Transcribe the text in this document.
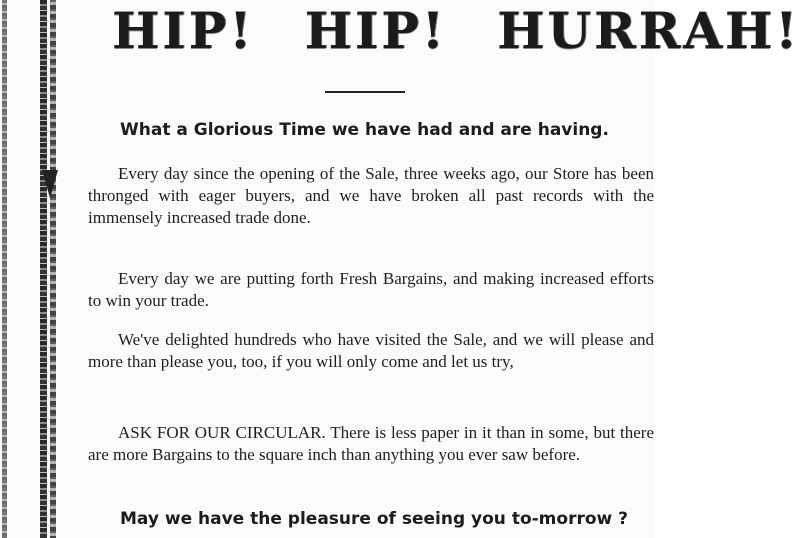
HIP! HIP! HURRAH!
What a Glorious Time we have had and are having.

Every day since the opening of the Sale, three weeks ago, our Store has been thronged with eager buyers, and we have broken all past records with the immensely increased trade done.

Every day we are putting forth Fresh Bargains, and making increased efforts to win your trade.

We've delighted hundreds who have visited the Sale, and we will please and more than please you, too, if you will only come and let us try,

ASK FOR OUR CIRCULAR. There is less paper in it than in some, but there are more Bargains to the square inch than anything you ever saw before.

May we have the pleasure of seeing you to-morrow ?
